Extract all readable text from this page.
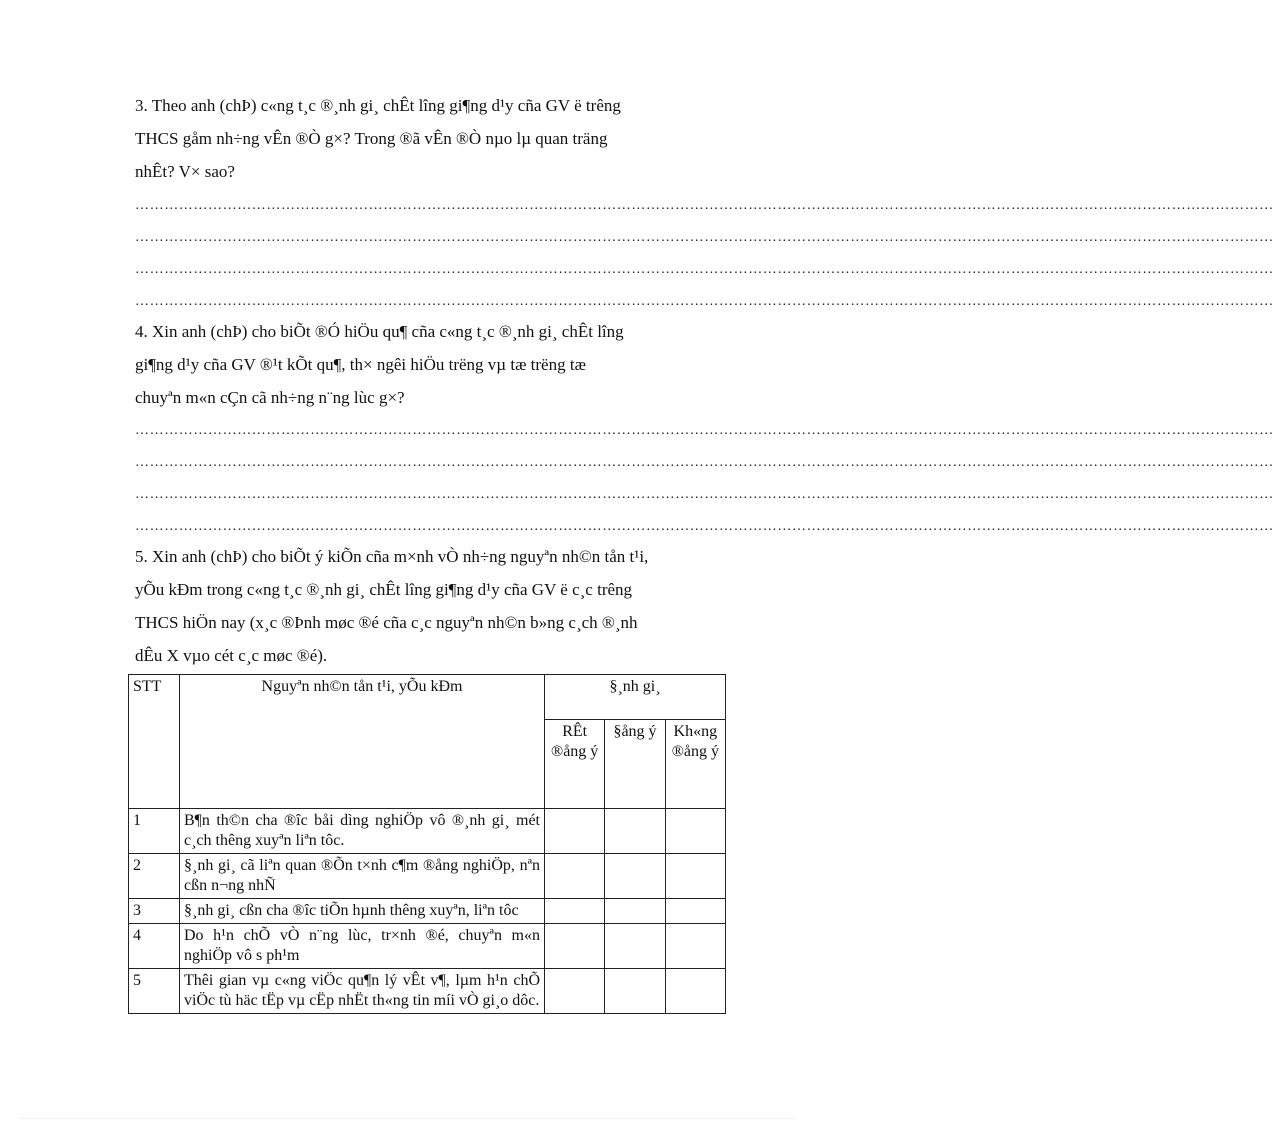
3. Theo anh (chÞ) c«ng t¸c ®¸nh gi¸ chÊt lîng gi¶ng d¹y cña GV ë trêng

THCS gåm nh÷ng vÊn ®Ò g×? Trong ®ã vÊn ®Ò nµo lµ quan träng

nhÊt? V× sao?

………………………………………………………………………………………………………………………………………………………………………………………………………………
………………………………………………………………………………………………………………………………………………………………………………………………………………
………………………………………………………………………………………………………………………………………………………………………………………………………………
………………………………………………………………………………………………………………………………………………………………………………………………………………

4. Xin anh (chÞ) cho biÕt ®Ó hiÖu qu¶ cña c«ng t¸c ®¸nh gi¸ chÊt lîng

gi¶ng d¹y cña GV ®¹t kÕt qu¶, th× ngêi hiÖu trëng vµ tæ trëng tæ

chuyªn m«n cÇn cã nh÷ng n¨ng lùc g×?

………………………………………………………………………………………………………………………………………………………………………………………………………………
………………………………………………………………………………………………………………………………………………………………………………………………………………
………………………………………………………………………………………………………………………………………………………………………………………………………………
………………………………………………………………………………………………………………………………………………………………………………………………………………

5. Xin anh (chÞ) cho biÕt ý kiÕn cña m×nh vÒ nh÷ng nguyªn nh©n tån t¹i,

yÕu kÐm trong c«ng t¸c ®¸nh gi¸ chÊt lîng gi¶ng d¹y cña GV ë c¸c trêng

THCS hiÖn nay (x¸c ®Þnh møc ®é cña c¸c nguyªn nh©n b»ng c¸ch ®¸nh

dÊu X vµo cét c¸c møc ®é).

STT	Nguyªn nh©n tån t¹i, yÕu kÐm	§¸nh gi¸		
		RÊt ®ång ý	§ång ý	Kh«ng ®ång ý
1	B¶n th©n cha ®îc båi dìng nghiÖp vô ®¸nh gi¸ mét c¸ch thêng xuyªn liªn tôc.			
2	§¸nh gi¸ cã liªn quan ®Õn t×nh c¶m ®ång nghiÖp, nªn cßn n¬ng nhÑ			
3	§¸nh gi¸ cßn cha ®îc tiÕn hµnh thêng xuyªn, liªn tôc			
4	Do h¹n chÕ vÒ n¨ng lùc, tr×nh ®é, chuyªn m«n nghiÖp vô s ph¹m			
5	Thêi gian vµ c«ng viÖc qu¶n lý vÊt v¶, lµm h¹n chÕ viÖc tù häc tËp vµ cËp nhËt th«ng tin míi vÒ gi¸o dôc.			
